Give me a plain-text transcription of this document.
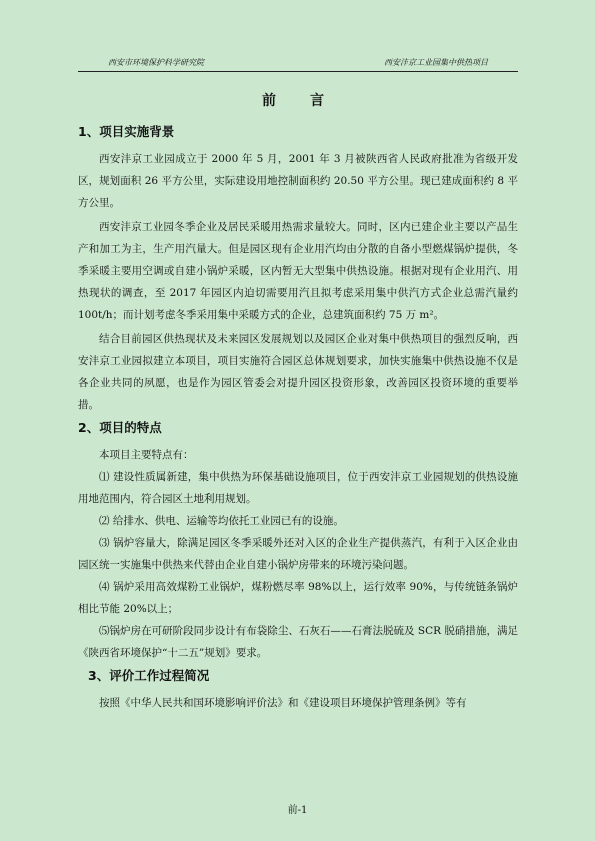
西安市环境保护科学研究院	西安沣京工业园集中供热项目
前　言
1、项目实施背景

西安沣京工业园成立于 2000 年 5 月，2001 年 3 月被陕西省人民政府批准为省级开发区，规划面积 26 平方公里，实际建设用地控制面积约 20.50 平方公里。现已建成面积约 8 平方公里。

西安沣京工业园冬季企业及居民采暖用热需求量较大。同时，区内已建企业主要以产品生产和加工为主，生产用汽量大。但是园区现有企业用汽均由分散的自备小型燃煤锅炉提供，冬季采暖主要用空调或自建小锅炉采暖，区内暂无大型集中供热设施。根据对现有企业用汽、用热现状的调查，至 2017 年园区内迫切需要用汽且拟考虑采用集中供汽方式企业总需汽量约 100t/h；而计划考虑冬季采用集中采暖方式的企业，总建筑面积约 75 万 m²。

结合目前园区供热现状及未来园区发展规划以及园区企业对集中供热项目的强烈反响，西安沣京工业园拟建立本项目，项目实施符合园区总体规划要求，加快实施集中供热设施不仅是各企业共同的夙愿，也是作为园区管委会对提升园区投资形象，改善园区投资环境的重要举措。

2、项目的特点

本项目主要特点有：

⑴ 建设性质属新建，集中供热为环保基础设施项目，位于西安沣京工业园规划的供热设施用地范围内，符合园区土地利用规划。

⑵ 给排水、供电、运输等均依托工业园已有的设施。

⑶ 锅炉容量大，除满足园区冬季采暖外还对入区的企业生产提供蒸汽，有利于入区企业由园区统一实施集中供热来代替由企业自建小锅炉房带来的环境污染问题。

⑷ 锅炉采用高效煤粉工业锅炉，煤粉燃尽率 98%以上，运行效率 90%，与传统链条锅炉相比节能 20%以上；

⑸锅炉房在可研阶段同步设计有布袋除尘、石灰石——石膏法脱硫及 SCR 脱硝措施，满足《陕西省环境保护“十二五”规划》要求。

3、评价工作过程简况

按照《中华人民共和国环境影响评价法》和《建设项目环境保护管理条例》等有

前-1
